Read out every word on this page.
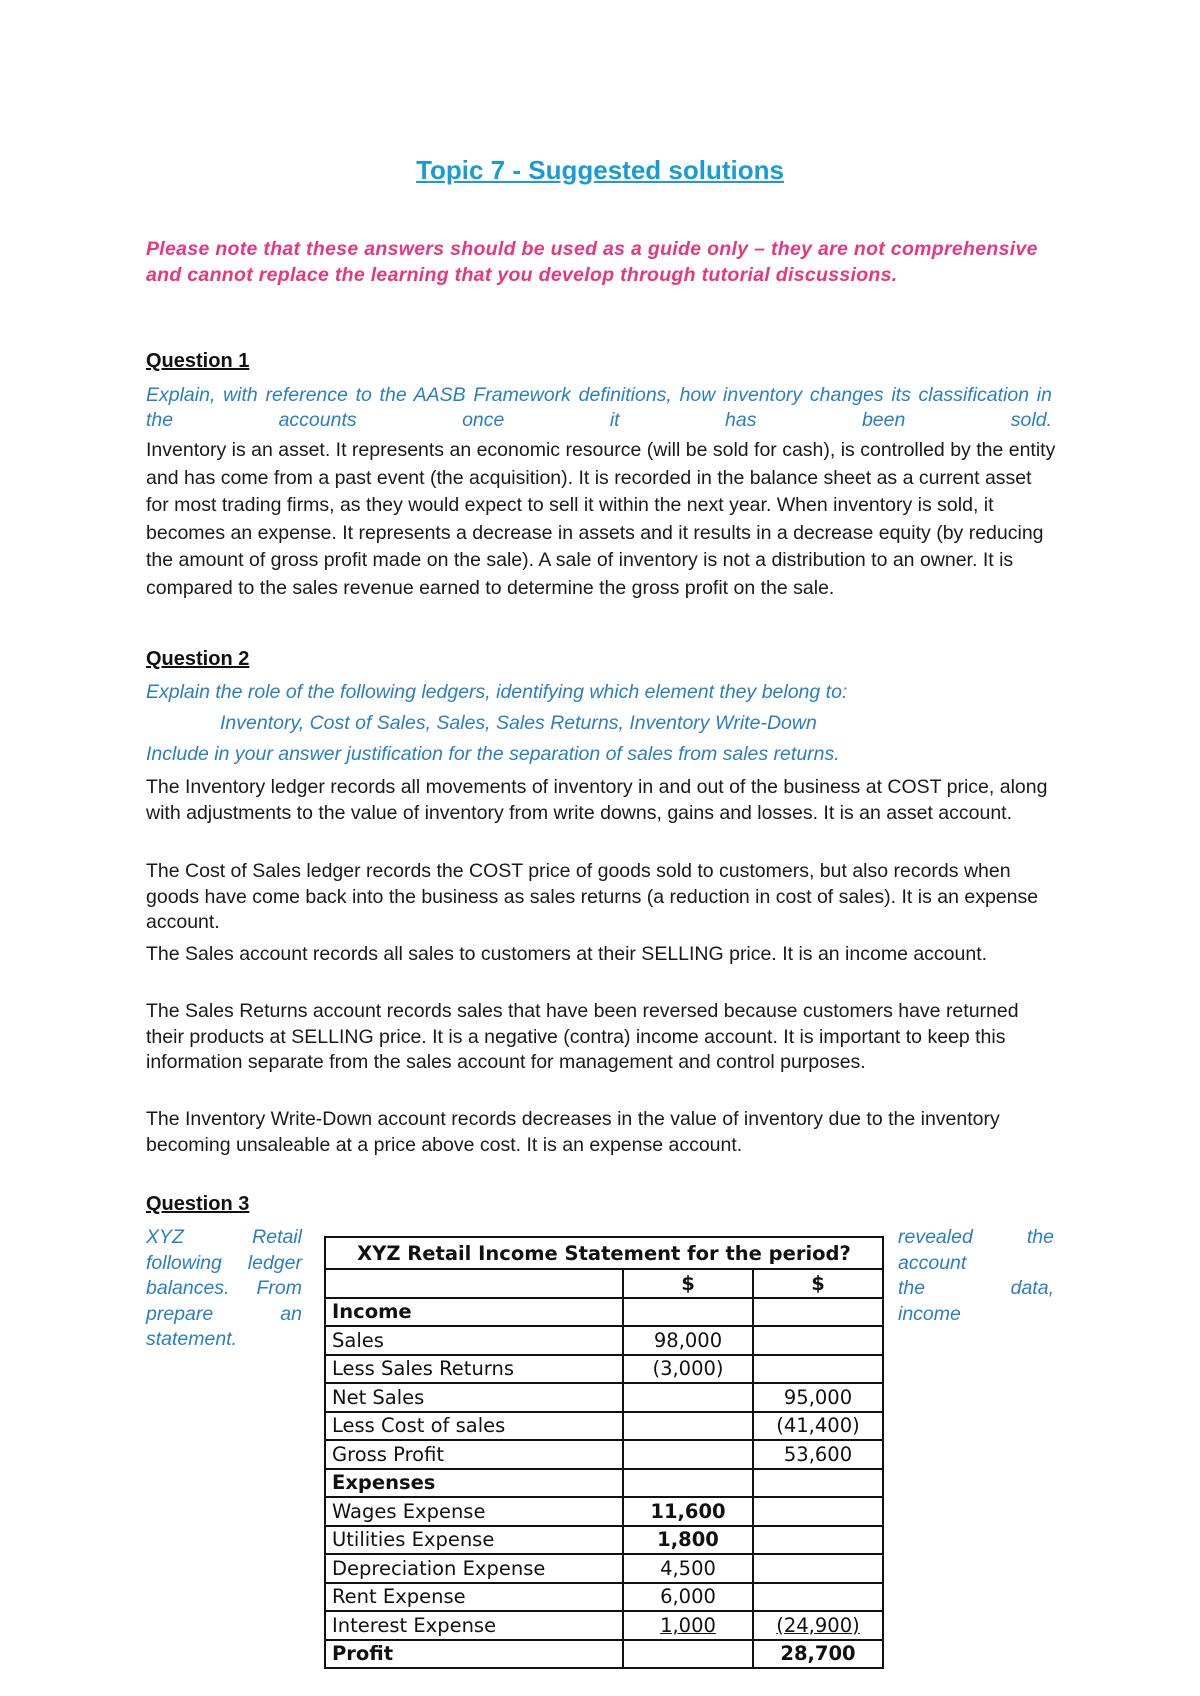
Topic 7 - Suggested solutions
Please note that these answers should be used as a guide only – they are not comprehensive and cannot replace the learning that you develop through tutorial discussions.
Question 1
Explain, with reference to the AASB Framework definitions, how inventory changes its classification in the accounts once it has been sold.
Inventory is an asset. It represents an economic resource (will be sold for cash), is controlled by the entity and has come from a past event (the acquisition). It is recorded in the balance sheet as a current asset for most trading firms, as they would expect to sell it within the next year. When inventory is sold, it becomes an expense. It represents a decrease in assets and it results in a decrease equity (by reducing the amount of gross profit made on the sale). A sale of inventory is not a distribution to an owner. It is compared to the sales revenue earned to determine the gross profit on the sale.
Question 2
Explain the role of the following ledgers, identifying which element they belong to:
Inventory, Cost of Sales, Sales, Sales Returns, Inventory Write-Down
Include in your answer justification for the separation of sales from sales returns.
The Inventory ledger records all movements of inventory in and out of the business at COST price, along with adjustments to the value of inventory from write downs, gains and losses. It is an asset account.
The Cost of Sales ledger records the COST price of goods sold to customers, but also records when goods have come back into the business as sales returns (a reduction in cost of sales). It is an expense account.
The Sales account records all sales to customers at their SELLING price. It is an income account.
The Sales Returns account records sales that have been reversed because customers have returned their products at SELLING price. It is a negative (contra) income account. It is important to keep this information separate from the sales account for management and control purposes.
The Inventory Write-Down account records decreases in the value of inventory due to the inventory becoming unsaleable at a price above cost. It is an expense account.
Question 3
XYZ Retail
following ledger
balances. From
prepare an
statement.
revealed the
account
the data,
income
XYZ Retail Income Statement for the period?		
	$	$
Income		
Sales	98,000	
Less Sales Returns	(3,000)	
Net Sales		95,000
Less Cost of sales		(41,400)
Gross Profit		53,600
Expenses		
Wages Expense	11,600	
Utilities Expense	1,800	
Depreciation Expense	4,500	
Rent Expense	6,000	
Interest Expense	1,000	(24,900)
Profit		28,700
